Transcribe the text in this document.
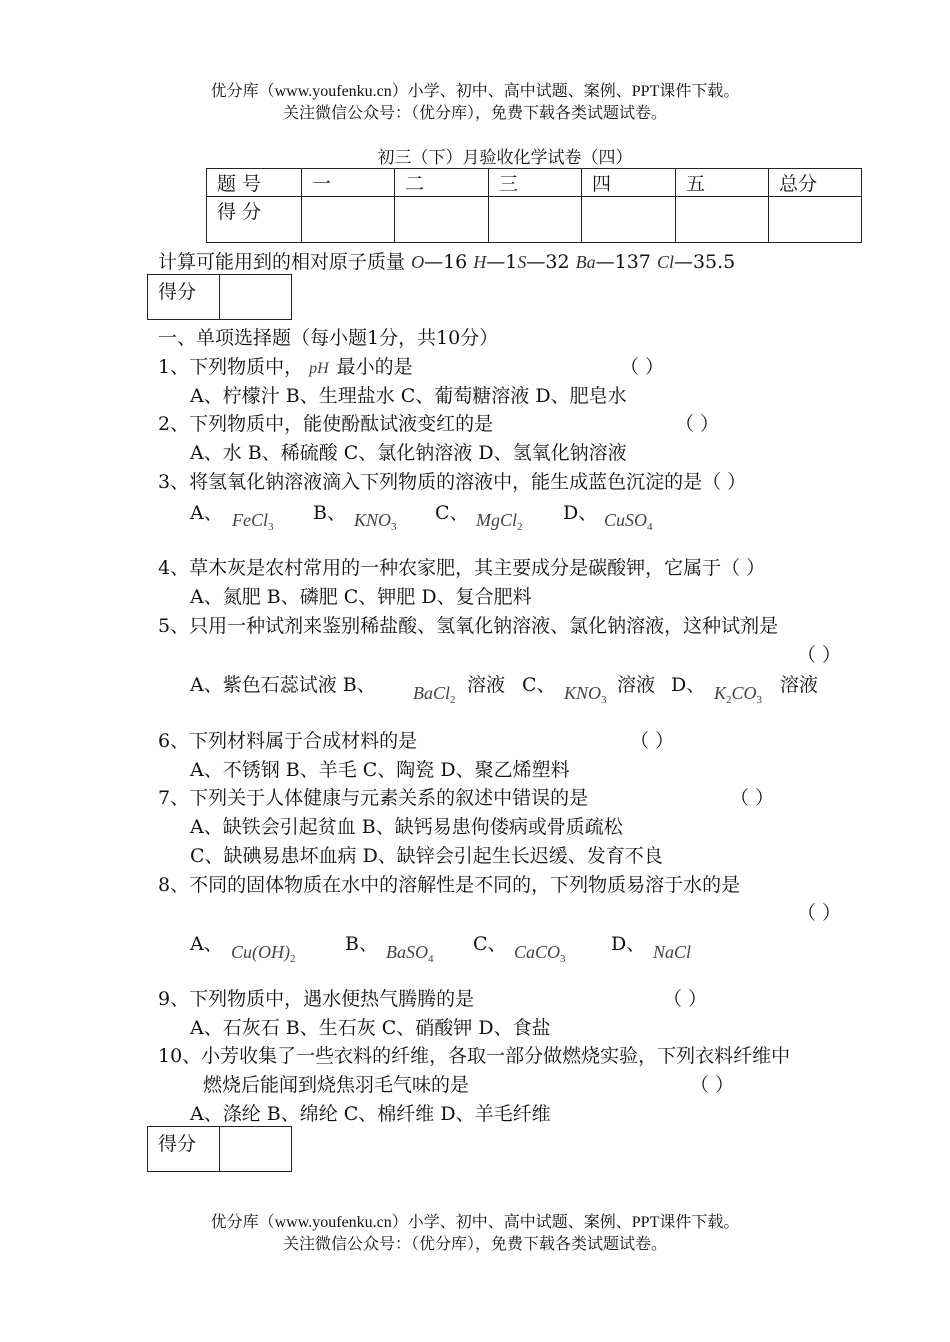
优分库（www.youfenku.cn）小学、初中、高中试题、案例、PPT课件下载。
关注微信公众号：（优分库），免费下载各类试题试卷。
初三（下）月验收化学试卷（四）
题 号	一	二	三	四	五	总分
得 分						
计算可能用到的相对原子质量 O—16 H—1S—32 Ba—137 Cl—35.5
得分	
一、单项选择题（每小题1分，共10分）
1、下列物质中， pH 最小的是	（ ）
A、柠檬汁 B、生理盐水 C、葡萄糖溶液 D、肥皂水
2、下列物质中，能使酚酞试液变红的是	（ ）
A、水 B、稀硫酸 C、氯化钠溶液 D、氢氧化钠溶液
3、将氢氧化钠溶液滴入下列物质的溶液中，能生成蓝色沉淀的是（ ）
A、 FeCl$_3$
B、 $KNO_3$
C、 MgCl$_2$
D、 CuSO$_4$
4、草木灰是农村常用的一种农家肥，其主要成分是碳酸钾，它属于（ ）
A、氮肥 B、磷肥 C、钾肥 D、复合肥料
5、只用一种试剂来鉴别稀盐酸、氢氧化钠溶液、氯化钠溶液，这种试剂是
（ ）
A、紫色石蕊试液 B、 BaCl$_2$
溶液 C、 $KNO_3$
溶液 D、 $K_2CO_3$
溶液
6、下列材料属于合成材料的是	（ ）
A、不锈钢 B、羊毛 C、陶瓷 D、聚乙烯塑料
7、下列关于人体健康与元素关系的叙述中错误的是	（ ）
A、缺铁会引起贫血 B、缺钙易患佝偻病或骨质疏松
C、缺碘易患坏血病 D、缺锌会引起生长迟缓、发育不良
8、不同的固体物质在水中的溶解性是不同的，下列物质易溶于水的是
（ ）
A、 $Cu(OH)_2$
B、 BaSO$_4$
C、 CaCO$_3$
D、 NaCl
9、下列物质中，遇水便热气腾腾的是	（ ）
A、石灰石 B、生石灰 C、硝酸钾 D、食盐
10、小芳收集了一些衣料的纤维，各取一部分做燃烧实验，下列衣料纤维中
燃烧后能闻到烧焦羽毛气味的是	（ ）
A、涤纶 B、绵纶 C、棉纤维 D、羊毛纤维
得分	
优分库（www.youfenku.cn）小学、初中、高中试题、案例、PPT课件下载。
关注微信公众号：（优分库），免费下载各类试题试卷。
